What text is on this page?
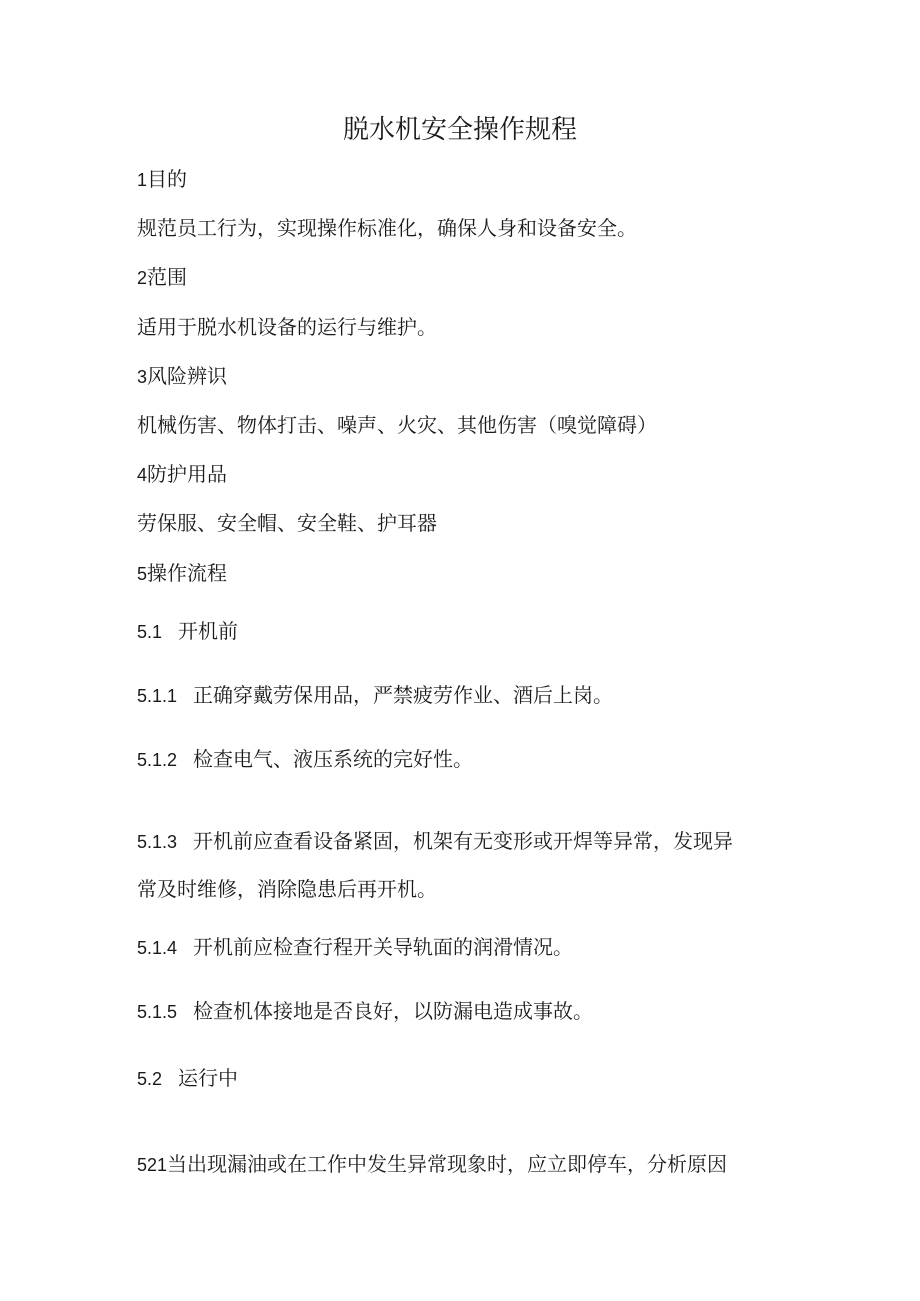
脱水机安全操作规程

1目的

规范员工行为，实现操作标准化，确保人身和设备安全。

2范围

适用于脱水机设备的运行与维护。

3风险辨识

机械伤害、物体打击、噪声、火灾、其他伤害（嗅觉障碍）

4防护用品

劳保服、安全帽、安全鞋、护耳器

5操作流程

5.1 开机前

5.1.1 正确穿戴劳保用品，严禁疲劳作业、酒后上岗。

5.1.2 检查电气、液压系统的完好性。

5.1.3 开机前应查看设备紧固，机架有无变形或开焊等异常，发现异

常及时维修，消除隐患后再开机。

5.1.4 开机前应检查行程开关导轨面的润滑情况。

5.1.5 检查机体接地是否良好，以防漏电造成事故。

5.2 运行中

521当出现漏油或在工作中发生异常现象时，应立即停车，分析原因
